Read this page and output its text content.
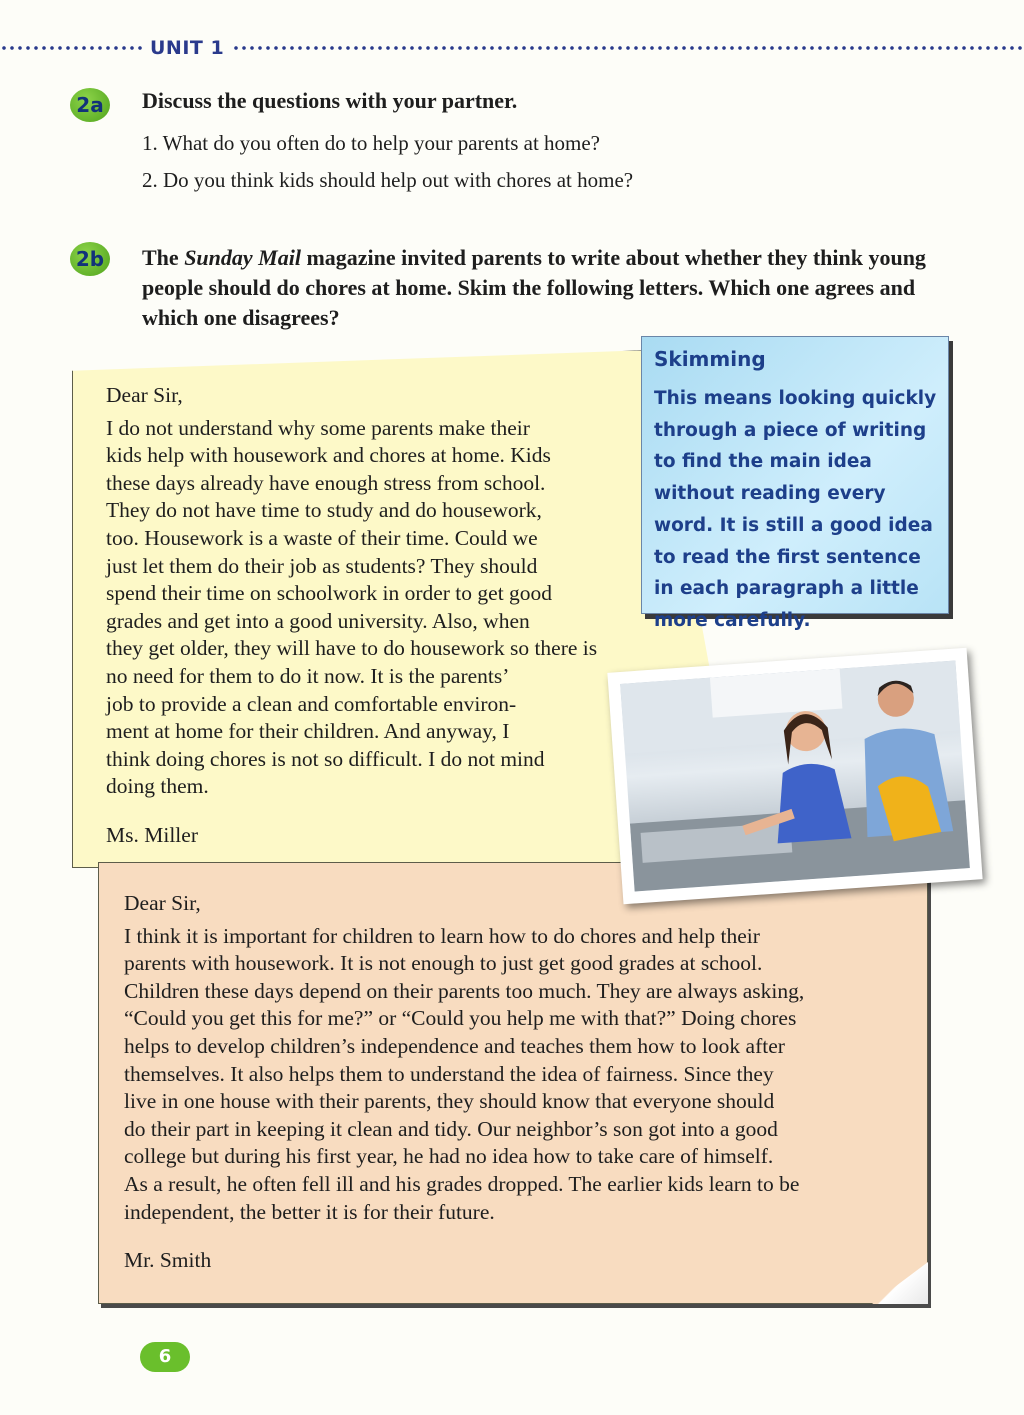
UNIT 1
2a Discuss the questions with your partner.
1. What do you often do to help your parents at home?
2. Do you think kids should help out with chores at home?
2b The Sunday Mail magazine invited parents to write about whether they think young people should do chores at home. Skim the following letters. Which one agrees and which one disagrees?

Dear Sir,

I do not understand why some parents make their

kids help with housework and chores at home. Kids

these days already have enough stress from school.

They do not have time to study and do housework,

too. Housework is a waste of their time. Could we

just let them do their job as students? They should

spend their time on schoolwork in order to get good

grades and get into a good university. Also, when

they get older, they will have to do housework so there is

no need for them to do it now. It is the parents’

job to provide a clean and comfortable environ-

ment at home for their children. And anyway, I

think doing chores is not so difficult. I do not mind

doing them.

Ms. Miller

Skimming
This means looking quickly through a piece of writing to find the main idea without reading every word. It is still a good idea to read the first sentence in each paragraph a little more carefully.

Dear Sir,

I think it is important for children to learn how to do chores and help their

parents with housework. It is not enough to just get good grades at school.

Children these days depend on their parents too much. They are always asking,

“Could you get this for me?” or “Could you help me with that?” Doing chores

helps to develop children’s independence and teaches them how to look after

themselves. It also helps them to understand the idea of fairness. Since they

live in one house with their parents, they should know that everyone should

do their part in keeping it clean and tidy. Our neighbor’s son got into a good

college but during his first year, he had no idea how to take care of himself.

As a result, he often fell ill and his grades dropped. The earlier kids learn to be

independent, the better it is for their future.

Mr. Smith

6
